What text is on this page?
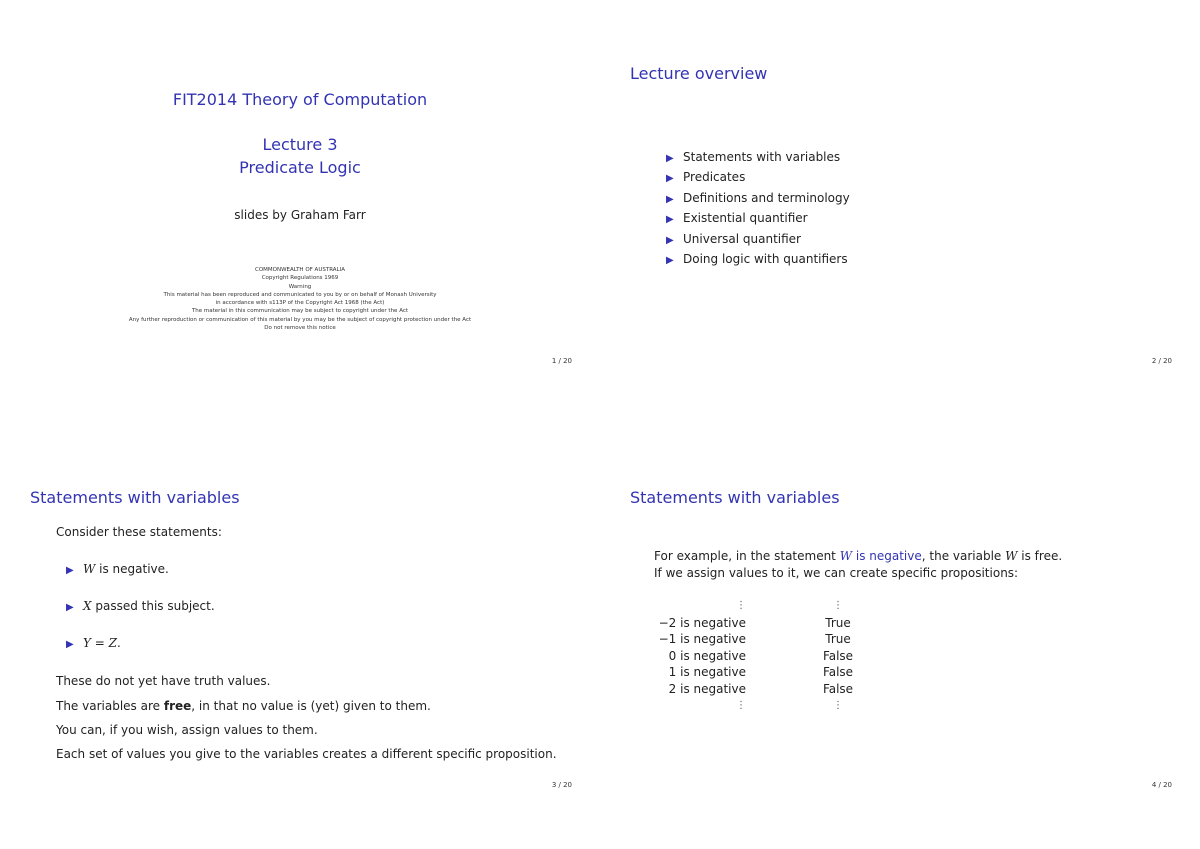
FIT2014 Theory of Computation
Lecture 3
Predicate Logic
slides by Graham Farr
COMMONWEALTH OF AUSTRALIA
Copyright Regulations 1969
Warning
This material has been reproduced and communicated to you by or on behalf of Monash University
in accordance with s113P of the Copyright Act 1968 (the Act)
The material in this communication may be subject to copyright under the Act
Any further reproduction or communication of this material by you may be the subject of copyright protection under the Act
Do not remove this notice
1 / 20
Lecture overview
▶ Statements with variables
▶ Predicates
▶ Definitions and terminology
▶ Existential quantifier
▶ Universal quantifier
▶ Doing logic with quantifiers
2 / 20
Statements with variables
Consider these statements:
▶ W is negative.
▶ X passed this subject.
▶ Y = Z.
These do not yet have truth values.
The variables are free, in that no value is (yet) given to them.
You can, if you wish, assign values to them.
Each set of values you give to the variables creates a different specific proposition.
3 / 20
Statements with variables
For example, in the statement W is negative, the variable W is free.
If we assign values to it, we can create specific propositions:
⋮	⋮
−2 is negative	True
−1 is negative	True
0 is negative	False
1 is negative	False
2 is negative	False
⋮	⋮
4 / 20
